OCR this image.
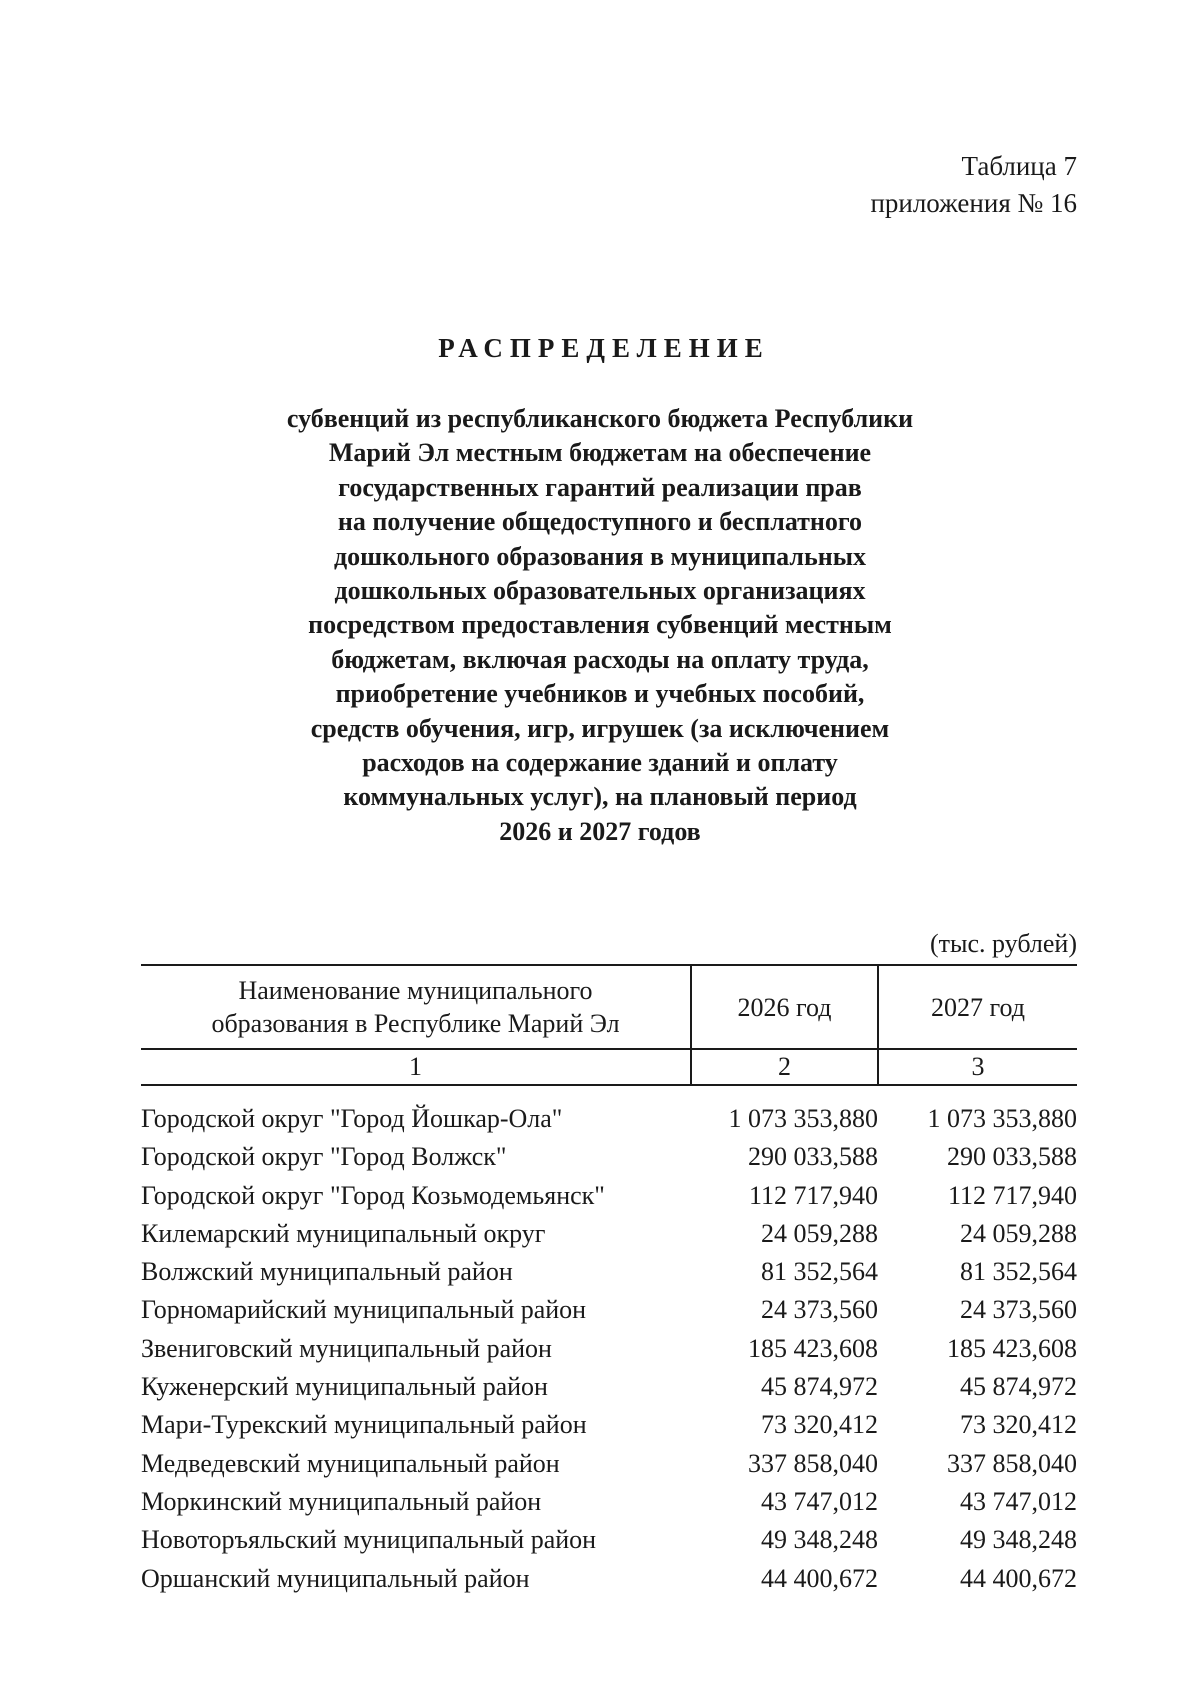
Таблица 7
приложения № 16
РАСПРЕДЕЛЕНИЕ
субвенций из республиканского бюджета Республики
Марий Эл местным бюджетам на обеспечение
государственных гарантий реализации прав
на получение общедоступного и бесплатного
дошкольного образования в муниципальных
дошкольных образовательных организациях
посредством предоставления субвенций местным
бюджетам, включая расходы на оплату труда,
приобретение учебников и учебных пособий,
средств обучения, игр, игрушек (за исключением
расходов на содержание зданий и оплату
коммунальных услуг), на плановый период
2026 и 2027 годов
(тыс. рублей)
Наименование муниципального
образования в Республике Марий Эл	2026 год	2027 год
1	2	3

Городской округ "Город Йошкар-Ола"	1 073 353,880	1 073 353,880
Городской округ "Город Волжск"	290 033,588	290 033,588
Городской округ "Город Козьмодемьянск"	112 717,940	112 717,940
Килемарский муниципальный округ	24 059,288	24 059,288
Волжский муниципальный район	81 352,564	81 352,564
Горномарийский муниципальный район	24 373,560	24 373,560
Звениговский муниципальный район	185 423,608	185 423,608
Куженерский муниципальный район	45 874,972	45 874,972
Мари-Турекский муниципальный район	73 320,412	73 320,412
Медведевский муниципальный район	337 858,040	337 858,040
Моркинский муниципальный район	43 747,012	43 747,012
Новоторъяльский муниципальный район	49 348,248	49 348,248
Оршанский муниципальный район	44 400,672	44 400,672
